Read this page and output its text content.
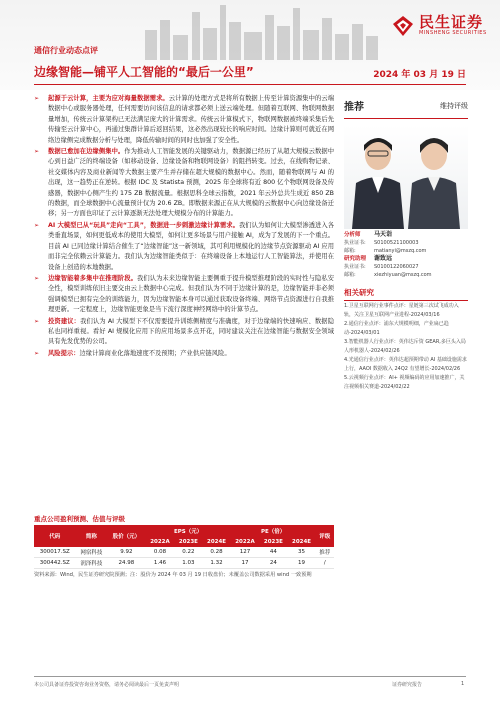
民生证券
MINSHENG SECURITIES
通信行业动态点评
边缘智能—铺平人工智能的“最后一公里”	2024 年 03 月 19 日
➢	起源于云计算，主要为应对海量数据需求。云计算的处理方式是将所有数据上传至计算资源集中的云端数据中心或服务器处理，任何需要访问该信息的请求都必须上送云端处理。但随着互联网、物联网数据量增加，传统云计算架构已无法满足庞大的计算需求。传统云计算模式下，物联网数据被终端采集后先传输至云计算中心，再通过集群计算后返回结果，这必然出现较长的响应时间。边缘计算则可就近在网络边缘侧完成数据分析与处理，降低传输时间的同时也加强了安全性。
➢	数据已愈加在边缘侧集中。作为推动人工智能发展的关键驱动力，数据源已经历了从超大规模云数据中心到日益广泛的终端设备（如移动设备、边缘设备和物联网设备）的阻挡转变。过去，在线购物记录、社交媒体内容及商业新闻等大数据主要产生并存储在超大规模的数据中心。然而，随着物联网与 AI 的出现，这一趋势正在逆转。根据 IDC 及 Statista 预测，2025 年全球将有近 800 亿个物联网设备及传感器，数据中心侧产生约 175 ZB 数据流量。根据思科全球云指数，2021 年云外总共生成近 850 ZB 的数据，而全球数据中心流量预计仅为 20.6 ZB。即数据来源正在从大规模的云数据中心向边缘设备迁移；另一方面也印证了云计算逐渐无法处理大规模分布的计算能力。
➢	AI 大模型已从“玩具”走向“工具”，数据进一步刺激边缘计算需求。我们认为如何让大模型渗透进入各类垂直场景，如何更低成本的使用大模型，如何让更多场景与用户接触 AI，成为了发展的下一个重点。目前 AI 已同边缘计算结合催生了“边缘智能”这一新领域，其可利用规模化的边缘节点资源驱动 AI 应用而非完全依赖云计算能力。我们认为边缘智能类似于：在终端设备上本地运行人工智能算法，并使用在设备上创造的本地数据。
➢	边缘智能着多集中在推理阶段。我们认为未来边缘智能主要侧重于提升模型推理阶段的实时性与隐私安全性，模型训练依旧主要交由云上数据中心完成。但我们认为不同于边缘计算的是，边缘智能并非必须强调模型已拥有完全的训练能力，因为边缘智能本身可以通过获取设备终端、网络节点资源进行自我推理更新。一定程度上，边缘智能更象是当下流行深度神经网络中的计算节点。
➢	投资建议：我们认为 AI 大模型下不仅需要提升训练侧精度与准确度，对于边缘端的快速响应、数据隐私也同样重视。看好 AI 规模化应用下的应用场景多点开花，同时建议关注在边缘智能与数据安全领域具有先发优势的公司。
➢	风险提示：边缘计算商业化落地速度不及预期；产业供应链风险。
推荐	维持评级
分析师 马天诣
执业证书: S0100521100003
邮箱:	matianyi@mszq.com
研究助理 谢致远
执业证书: S0100122060027
邮箱:	xiezhiyuan@mszq.com
相关研究
1.卫星互联网行业事件点评：星链第三次试飞成功入轨，关注卫星互联网产业进程-2024/03/16
2.通信行业点评：浦东大规模明细，产业扁已趋动-2024/03/01
3.智能机器人行业点评：英伟达斥资 GEAR,多巨头入局人形机器人-2024/02/26
4.光通信行业点评：英伟达超预期带动 AI 基础设施需求上行，AAOI 数据收入 24Q2 有望增长-2024/02/26
5.云视频行业点评：AI+ 视频编码的应用加速推广，关注视频相关赛道-2024/02/22
重点公司盈利预测、估值与评级
代码	简称	股价（元）	EPS（元）			PE（倍）			评级
			2022A	2023E	2024E	2022A	2023E	2024E	
300017.SZ	网宿科技	9.92	0.08	0.22	0.28	127	44	35	推荐
300442.SZ	润泽科技	24.98	1.46	1.03	1.32	17	24	19	/
资料来源：Wind，民生证券研究院预测；注：股价为 2024 年 03 月 19 日收盘价；未覆盖公司数据采用 wind 一致预期
本公司具备证券投资咨询业务资格，请务必阅读最后一页免责声明	证券研究报告	1
